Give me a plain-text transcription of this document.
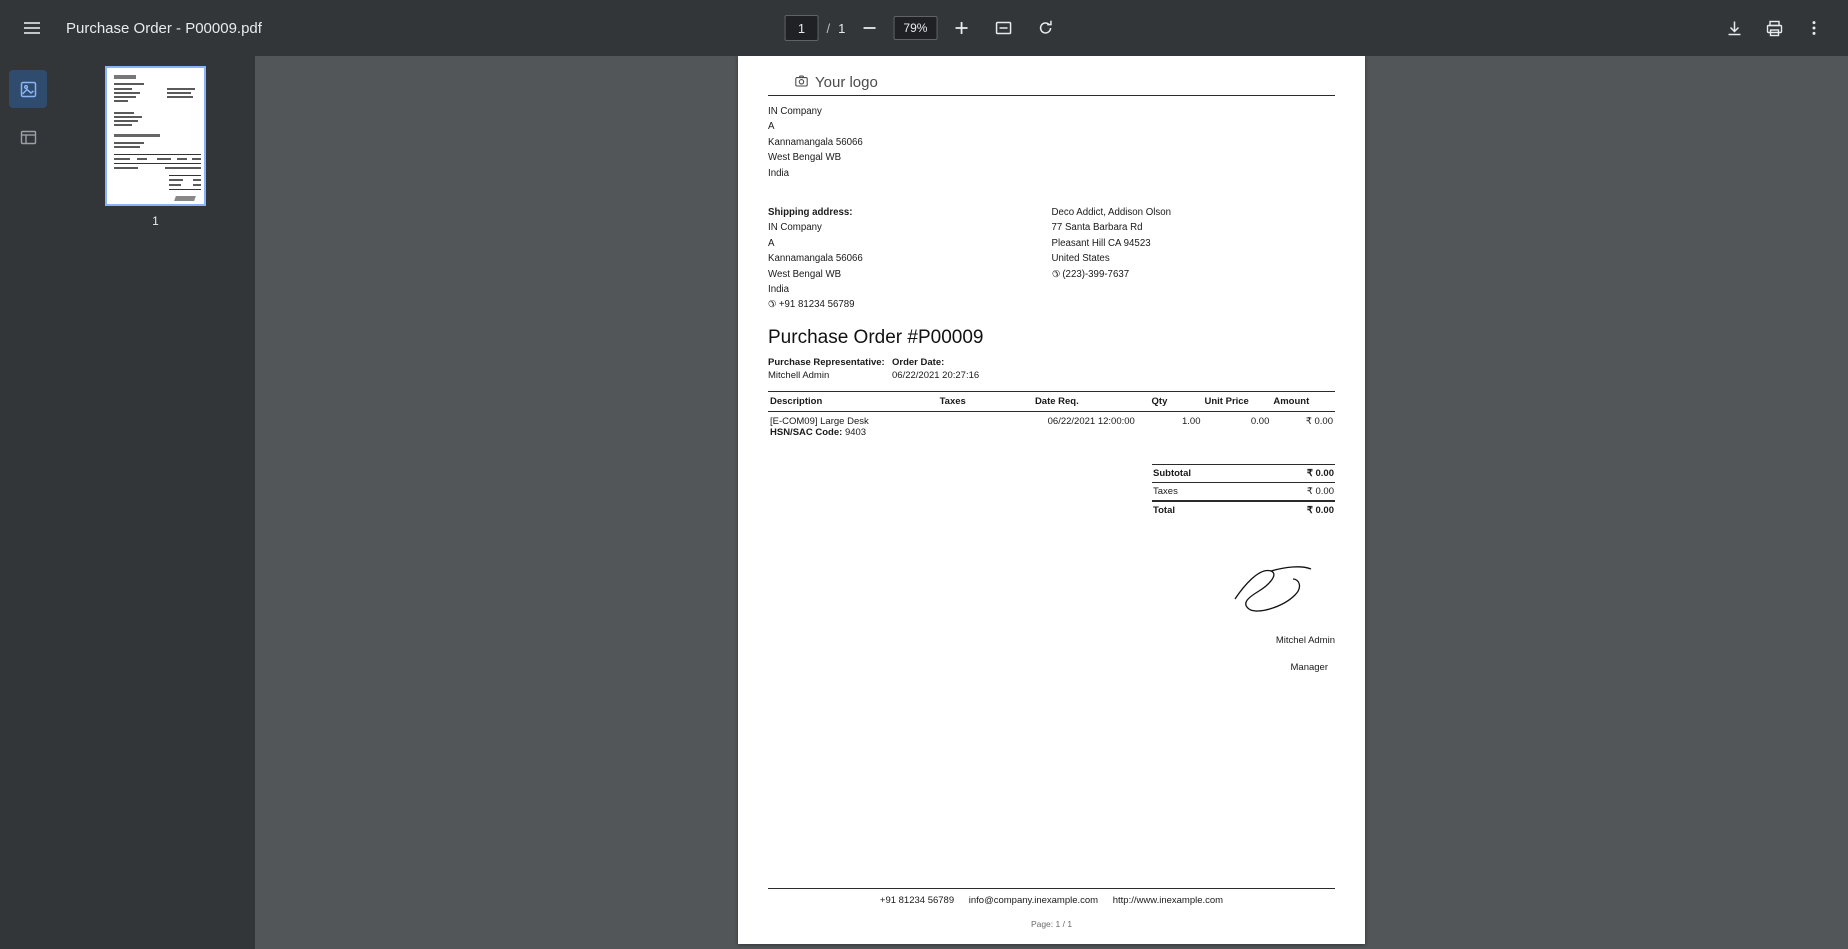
Purchase Order - P00009.pdf
1	/ 1	79%
1
Your logo
IN Company
A
Kannamangala 56066
West Bengal WB
India
Shipping address:
IN Company
A
Kannamangala 56066
West Bengal WB
India
✆ +91 81234 56789
Deco Addict, Addison Olson
77 Santa Barbara Rd
Pleasant Hill CA 94523
United States
✆ (223)-399-7637
Purchase Order #P00009
Purchase Representative: Order Date:
Mitchell Admin	06/22/2021 20:27:16
Description	Taxes	Date Req.	Qty	Unit Price	Amount

[E-COM09] Large Desk
HSN/SAC Code: 9403		06/22/2021 12:00:00	1.00	0.00	₹ 0.00
Subtotal	₹ 0.00
Taxes	₹ 0.00
Total	₹ 0.00
Mitchel Admin
Manager
+91 81234 56789 info@company.inexample.com http://www.inexample.com
Page: 1 / 1
